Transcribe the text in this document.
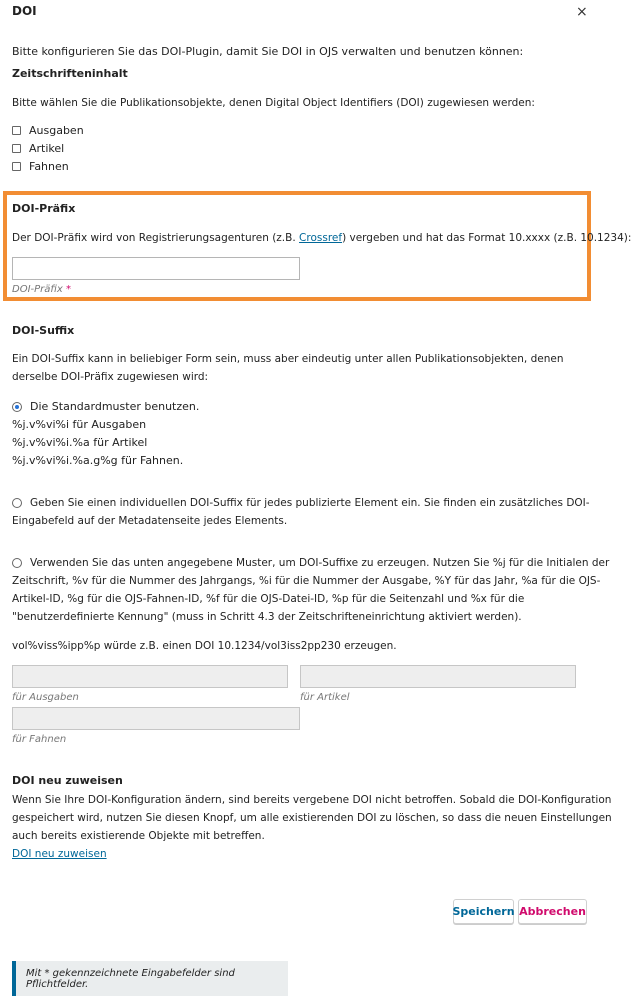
DOI	×
Bitte konfigurieren Sie das DOI-Plugin, damit Sie DOI in OJS verwalten und benutzen können:
Zeitschrifteninhalt
Bitte wählen Sie die Publikationsobjekte, denen Digital Object Identifiers (DOI) zugewiesen werden:
Ausgaben
Artikel
Fahnen
DOI-Präfix
Der DOI-Präfix wird von Registrierungsagenturen (z.B. Crossref) vergeben und hat das Format 10.xxxx (z.B. 10.1234):
DOI-Präfix *
DOI-Suffix
Ein DOI-Suffix kann in beliebiger Form sein, muss aber eindeutig unter allen Publikationsobjekten, denen derselbe DOI-Präfix zugewiesen wird:
Die Standardmuster benutzen.
%j.v%vi%i für Ausgaben
%j.v%vi%i.%a für Artikel
%j.v%vi%i.%a.g%g für Fahnen.
Geben Sie einen individuellen DOI-Suffix für jedes publizierte Element ein. Sie finden ein zusätzliches DOI-
Eingabefeld auf der Metadatenseite jedes Elements.
Verwenden Sie das unten angegebene Muster, um DOI-Suffixe zu erzeugen. Nutzen Sie %j für die Initialen der
Zeitschrift, %v für die Nummer des Jahrgangs, %i für die Nummer der Ausgabe, %Y für das Jahr, %a für die OJS-
Artikel-ID, %g für die OJS-Fahnen-ID, %f für die OJS-Datei-ID, %p für die Seitenzahl und %x für die
"benutzerdefinierte Kennung" (muss in Schritt 4.3 der Zeitschrifteneinrichtung aktiviert werden).
vol%viss%ipp%p würde z.B. einen DOI 10.1234/vol3iss2pp230 erzeugen.
für Ausgaben	für Artikel
für Fahnen
DOI neu zuweisen
Wenn Sie Ihre DOI-Konfiguration ändern, sind bereits vergebene DOI nicht betroffen. Sobald die DOI-Konfiguration
gespeichert wird, nutzen Sie diesen Knopf, um alle existierenden DOI zu löschen, so dass die neuen Einstellungen
auch bereits existierende Objekte mit betreffen.
DOI neu zuweisen
Speichern Abbrechen
Mit * gekennzeichnete Eingabefelder sind Pflichtfelder.
